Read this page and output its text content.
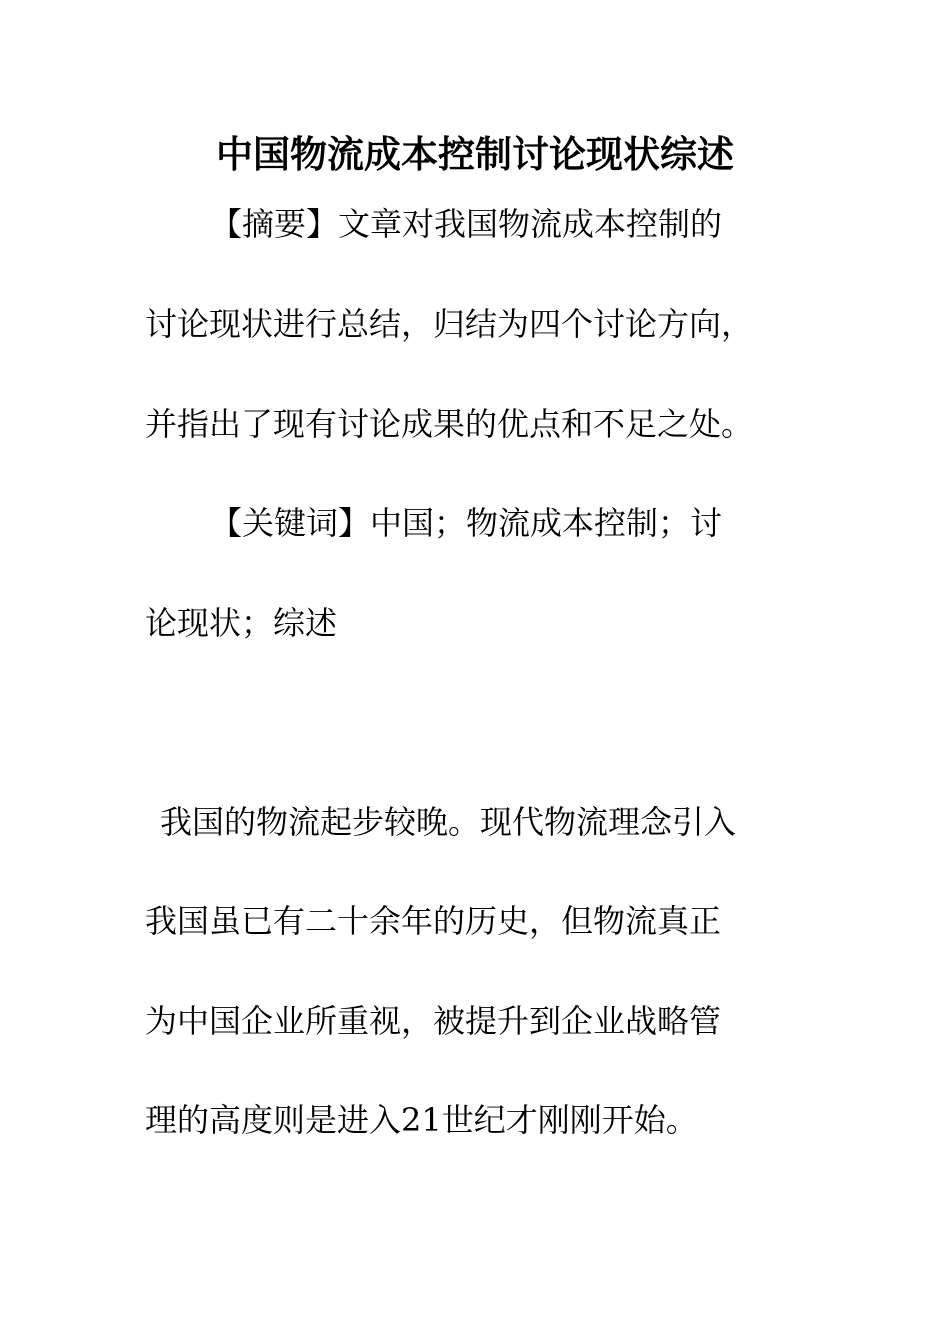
中国物流成本控制讨论现状综述

【摘要】文章对我国物流成本控制的

讨论现状进行总结，归结为四个讨论方向，

并指出了现有讨论成果的优点和不足之处。

【关键词】中国；物流成本控制；讨

论现状；综述

我国的物流起步较晚。现代物流理念引入

我国虽已有二十余年的历史，但物流真正

为中国企业所重视，被提升到企业战略管

理的高度则是进入21世纪才刚刚开始。
